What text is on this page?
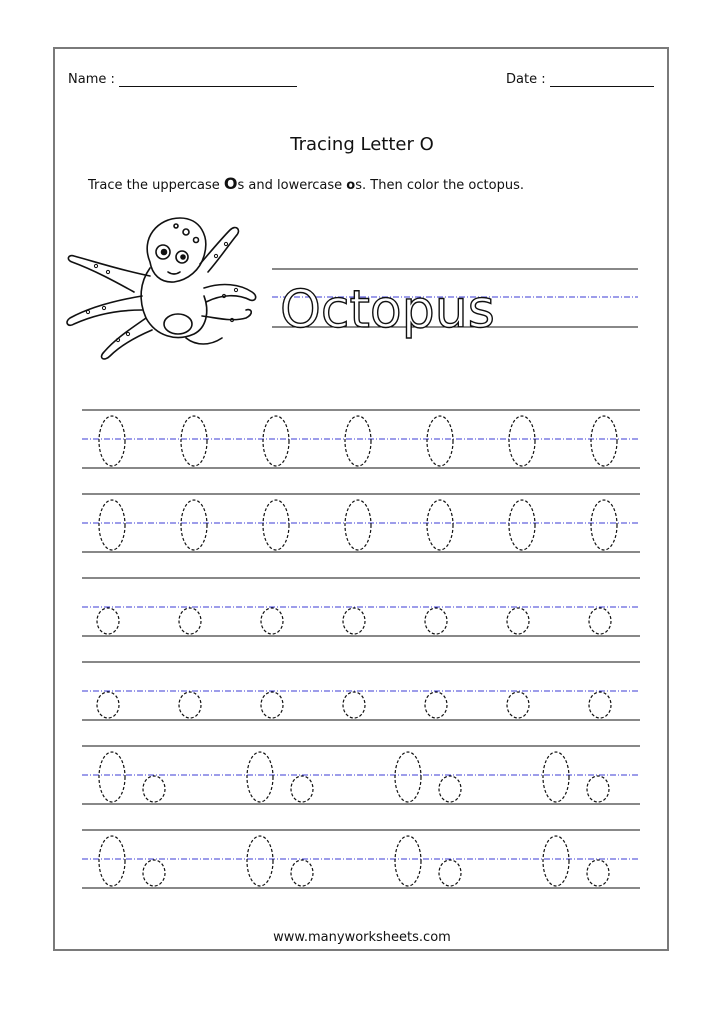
Name :	Date :
Tracing Letter O
Trace the uppercase Os and lowercase os. Then color the octopus.
Octopus
www.manyworksheets.com
